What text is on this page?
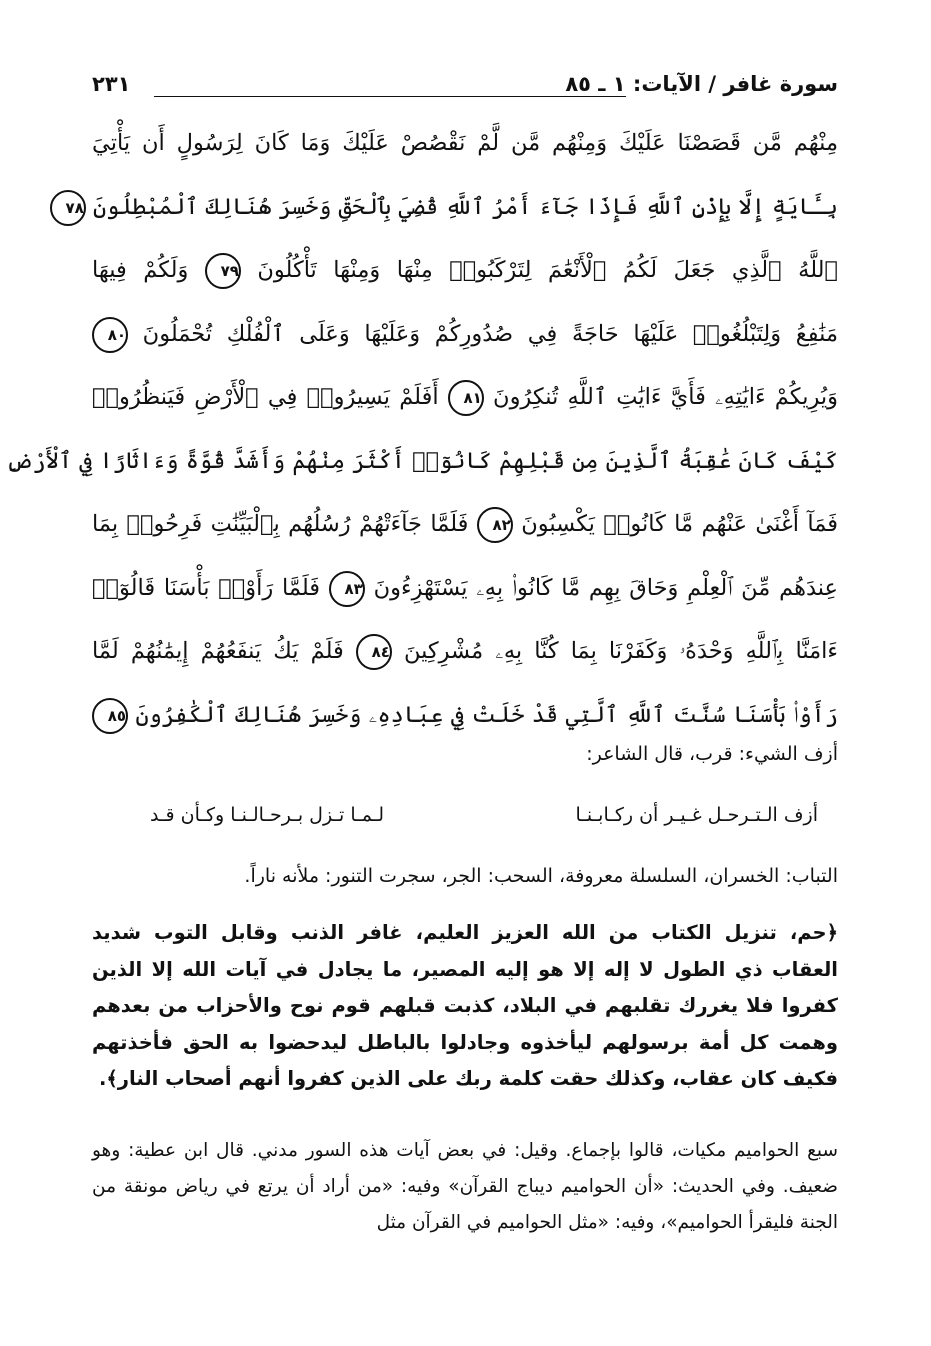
سورة غافر / الآيات: ١ ـ ٨٥
٢٣١
مِنْهُم مَّن قَصَصْنَا عَلَيْكَ وَمِنْهُم مَّن لَّمْ نَقْصُصْ عَلَيْكَ وَمَا كَانَ لِرَسُولٍ أَن يَأْتِيَ
بِـَٔايَةٍ إِلَّا بِإِذْنِ ٱللَّهِ فَإِذَا جَآءَ أَمْرُ ٱللَّهِ قُضِيَ بِٱلْحَقِّ وَخَسِرَ هُنَالِكَ ٱلْمُبْطِلُونَ ٧٨
ٱللَّهُ ٱلَّذِي جَعَلَ لَكُمُ ٱلْأَنْعَٰمَ لِتَرْكَبُوا۟ مِنْهَا وَمِنْهَا تَأْكُلُونَ ٧٩ وَلَكُمْ فِيهَا
مَنَٰفِعُ وَلِتَبْلُغُوا۟ عَلَيْهَا حَاجَةً فِي صُدُورِكُمْ وَعَلَيْهَا وَعَلَى ٱلْفُلْكِ تُحْمَلُونَ ٨٠
وَيُرِيكُمْ ءَايَٰتِهِۦ فَأَيَّ ءَايَٰتِ ٱللَّهِ تُنكِرُونَ ٨١ أَفَلَمْ يَسِيرُوا۟ فِي ٱلْأَرْضِ فَيَنظُرُوا۟
كَيْفَ كَانَ عَٰقِبَةُ ٱلَّذِينَ مِن قَبْلِهِمْ كَانُوٓا۟ أَكْثَرَ مِنْهُمْ وَأَشَدَّ قُوَّةً وَءَاثَارًا فِي ٱلْأَرْضِ
فَمَآ أَغْنَىٰ عَنْهُم مَّا كَانُوا۟ يَكْسِبُونَ ٨٢ فَلَمَّا جَآءَتْهُمْ رُسُلُهُم بِٱلْبَيِّنَٰتِ فَرِحُوا۟ بِمَا
عِندَهُم مِّنَ ٱلْعِلْمِ وَحَاقَ بِهِم مَّا كَانُوا۟ بِهِۦ يَسْتَهْزِءُونَ ٨٣ فَلَمَّا رَأَوْا۟ بَأْسَنَا قَالُوٓا۟
ءَامَنَّا بِٱللَّهِ وَحْدَهُۥ وَكَفَرْنَا بِمَا كُنَّا بِهِۦ مُشْرِكِينَ ٨٤ فَلَمْ يَكُ يَنفَعُهُمْ إِيمَٰنُهُمْ لَمَّا
رَأَوْا۟ بَأْسَنَا سُنَّتَ ٱللَّهِ ٱلَّتِي قَدْ خَلَتْ فِي عِبَادِهِۦ وَخَسِرَ هُنَالِكَ ٱلْكَٰفِرُونَ ٨٥
أزف الشيء: قرب، قال الشاعر:
أزف الـتـرحـل غـيـر أن ركـابـنـا
لـمـا تـزل بـرحـالـنـا وكـأن قـد
التباب: الخسران، السلسلة معروفة، السحب: الجر، سجرت التنور: ملأنه ناراً.
﴿حم، تنزيل الكتاب من الله العزيز العليم، غافر الذنب وقابل التوب شديد العقاب ذي الطول لا إله إلا هو إليه المصير، ما يجادل في آيات الله إلا الذين كفروا فلا يغررك تقلبهم في البلاد، كذبت قبلهم قوم نوح والأحزاب من بعدهم وهمت كل أمة برسولهم ليأخذوه وجادلوا بالباطل ليدحضوا به الحق فأخذتهم فكيف كان عقاب، وكذلك حقت كلمة ربك على الذين كفروا أنهم أصحاب النار﴾.
سبع الحواميم مكيات، قالوا بإجماع. وقيل: في بعض آيات هذه السور مدني. قال ابن عطية: وهو ضعيف. وفي الحديث: «أن الحواميم ديباج القرآن» وفيه: «من أراد أن يرتع في رياض مونقة من الجنة فليقرأ الحواميم»، وفيه: «مثل الحواميم في القرآن مثل
